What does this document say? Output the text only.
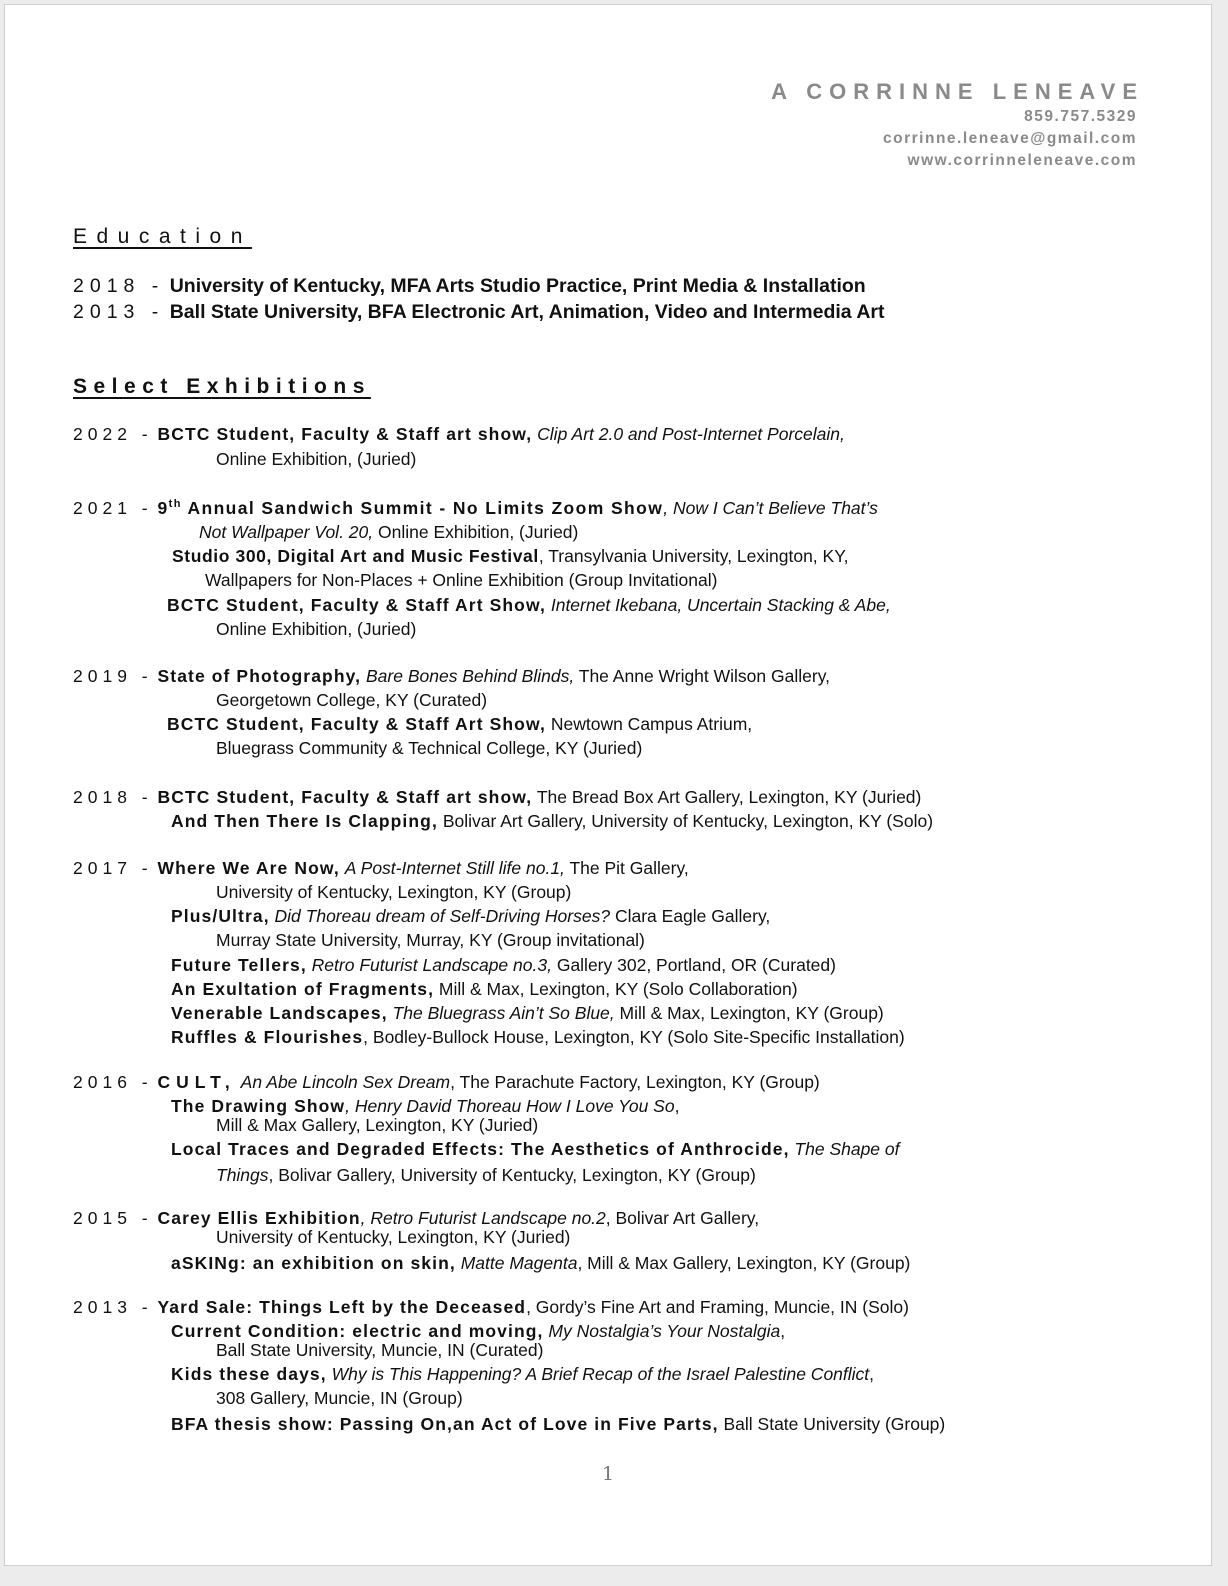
A CORRINNE LENEAVE
859.757.5329
corrinne.leneave@gmail.com
www.corrinneleneave.com
Education
2018 - University of Kentucky, MFA Arts Studio Practice, Print Media & Installation
2013 - Ball State University, BFA Electronic Art, Animation, Video and Intermedia Art
Select Exhibitions
2022 - BCTC Student, Faculty & Staff art show, Clip Art 2.0 and Post-Internet Porcelain,
Online Exhibition, (Juried)
2021 - 9th Annual Sandwich Summit - No Limits Zoom Show, Now I Can’t Believe That’s
Not Wallpaper Vol. 20, Online Exhibition, (Juried)
Studio 300, Digital Art and Music Festival, Transylvania University, Lexington, KY,
Wallpapers for Non-Places + Online Exhibition (Group Invitational)
BCTC Student, Faculty & Staff Art Show, Internet Ikebana, Uncertain Stacking & Abe,
Online Exhibition, (Juried)
2019 - State of Photography, Bare Bones Behind Blinds, The Anne Wright Wilson Gallery,
Georgetown College, KY (Curated)
BCTC Student, Faculty & Staff Art Show, Newtown Campus Atrium,
Bluegrass Community & Technical College, KY (Juried)
2018 - BCTC Student, Faculty & Staff art show, The Bread Box Art Gallery, Lexington, KY (Juried)
And Then There Is Clapping, Bolivar Art Gallery, University of Kentucky, Lexington, KY (Solo)
2017 - Where We Are Now, A Post-Internet Still life no.1, The Pit Gallery,
University of Kentucky, Lexington, KY (Group)
Plus/Ultra, Did Thoreau dream of Self-Driving Horses? Clara Eagle Gallery,
Murray State University, Murray, KY (Group invitational)
Future Tellers, Retro Futurist Landscape no.3, Gallery 302, Portland, OR (Curated)
An Exultation of Fragments, Mill & Max, Lexington, KY (Solo Collaboration)
Venerable Landscapes, The Bluegrass Ain’t So Blue, Mill & Max, Lexington, KY (Group)
Ruffles & Flourishes, Bodley-Bullock House, Lexington, KY (Solo Site-Specific Installation)
2016 - CULT, An Abe Lincoln Sex Dream, The Parachute Factory, Lexington, KY (Group)
The Drawing Show, Henry David Thoreau How I Love You So,
Mill & Max Gallery, Lexington, KY (Juried)
Local Traces and Degraded Effects: The Aesthetics of Anthrocide, The Shape of
Things, Bolivar Gallery, University of Kentucky, Lexington, KY (Group)
2015 - Carey Ellis Exhibition, Retro Futurist Landscape no.2, Bolivar Art Gallery,
University of Kentucky, Lexington, KY (Juried)
aSKINg: an exhibition on skin, Matte Magenta, Mill & Max Gallery, Lexington, KY (Group)
2013 - Yard Sale: Things Left by the Deceased, Gordy’s Fine Art and Framing, Muncie, IN (Solo)
Current Condition: electric and moving, My Nostalgia’s Your Nostalgia,
Ball State University, Muncie, IN (Curated)
Kids these days, Why is This Happening? A Brief Recap of the Israel Palestine Conflict,
308 Gallery, Muncie, IN (Group)
BFA thesis show: Passing On,an Act of Love in Five Parts, Ball State University (Group)
1
